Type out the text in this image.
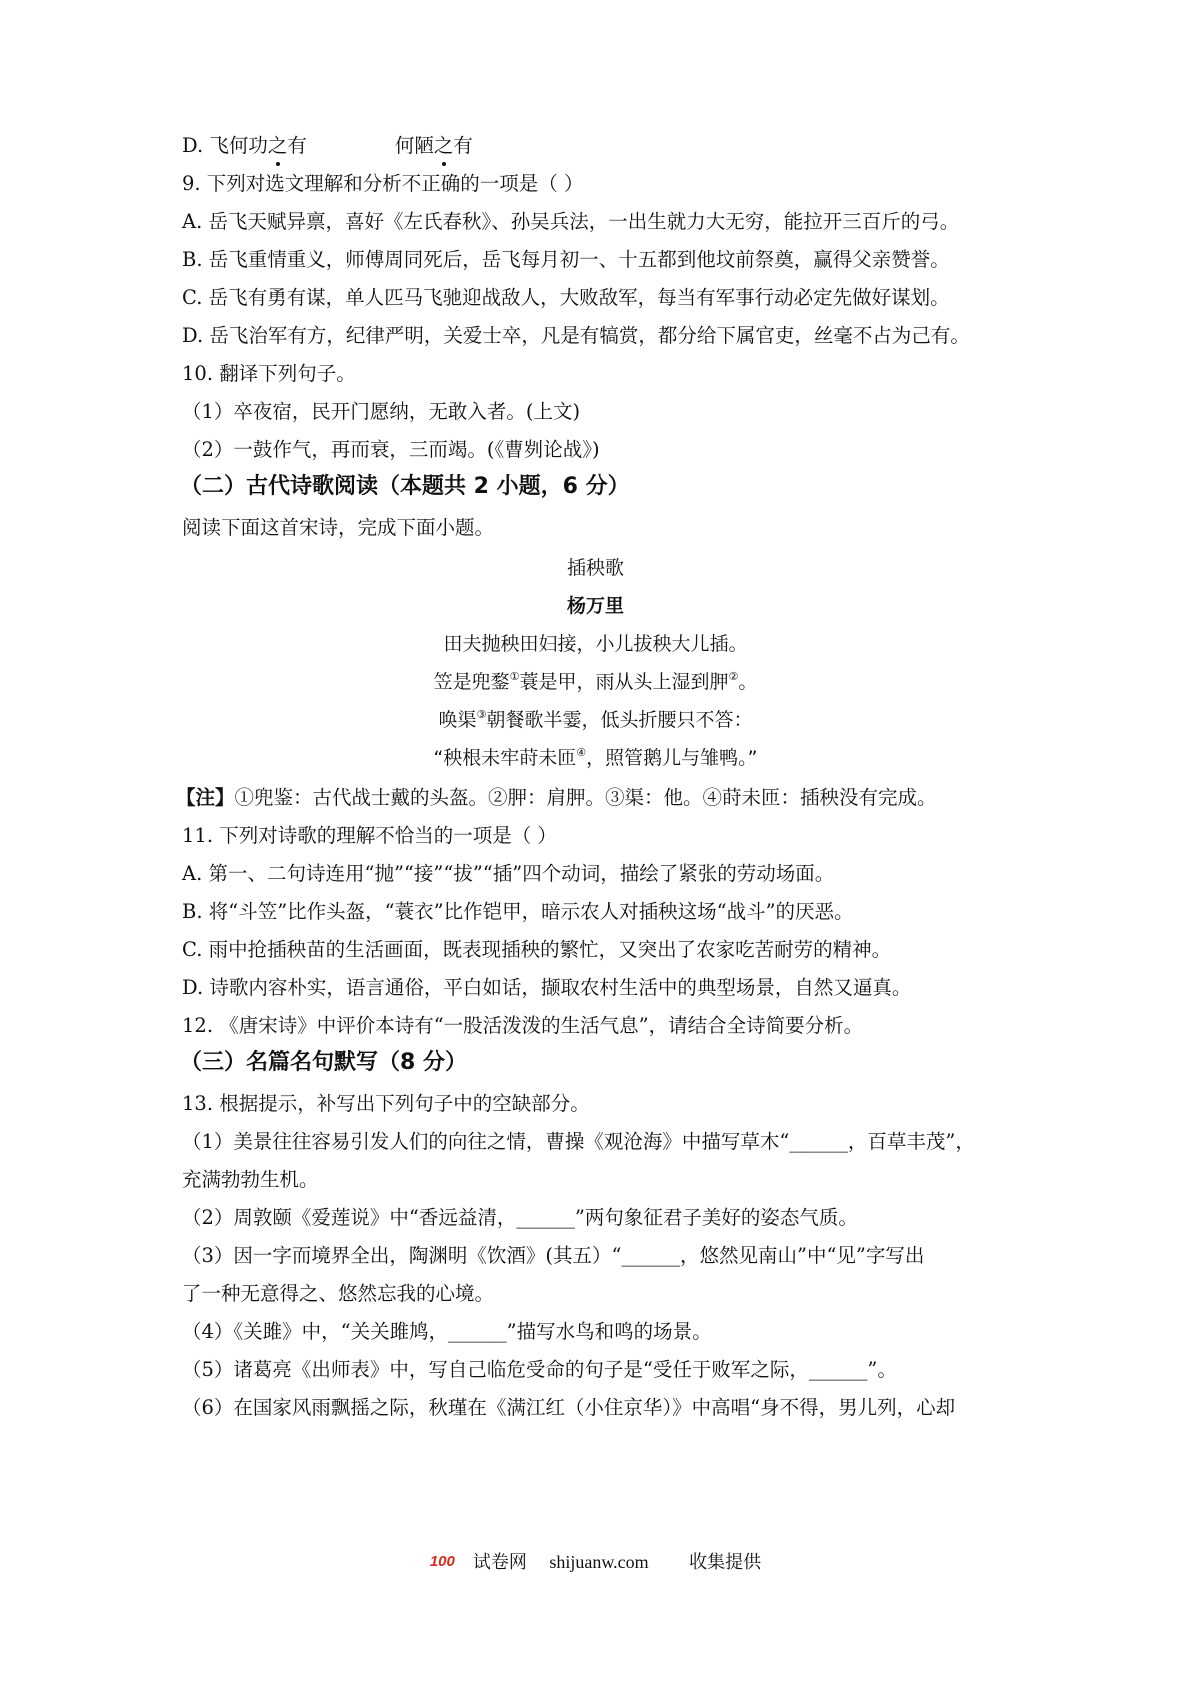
D. 飞何功之有	何陋之有
9. 下列对选文理解和分析不正确的一项是（ ）
A. 岳飞天赋异禀，喜好《左氏春秋》、孙吴兵法，一出生就力大无穷，能拉开三百斤的弓。
B. 岳飞重情重义，师傅周同死后，岳飞每月初一、十五都到他坟前祭奠，赢得父亲赞誉。
C. 岳飞有勇有谋，单人匹马飞驰迎战敌人，大败敌军，每当有军事行动必定先做好谋划。
D. 岳飞治军有方，纪律严明，关爱士卒，凡是有犒赏，都分给下属官吏，丝毫不占为己有。
10. 翻译下列句子。
（1）卒夜宿，民开门愿纳，无敢入者。(上文)
（2）一鼓作气，再而衰，三而竭。(《曹刿论战》)
（二）古代诗歌阅读（本题共 2 小题，6 分）
阅读下面这首宋诗，完成下面小题。
插秧歌
杨万里
田夫抛秧田妇接，小儿拔秧大儿插。
笠是兜鍪①蓑是甲，雨从头上湿到胛②。
唤渠③朝餐歌半霎，低头折腰只不答：
“秧根未牢莳未匝④，照管鹅儿与雏鸭。”
【注】①兜鉴：古代战士戴的头盔。②胛：肩胛。③渠：他。④莳未匝：插秧没有完成。
11. 下列对诗歌的理解不恰当的一项是（ ）
A. 第一、二句诗连用“抛”“接”“拔”“插”四个动词，描绘了紧张的劳动场面。
B. 将“斗笠”比作头盔，“蓑衣”比作铠甲，暗示农人对插秧这场“战斗”的厌恶。
C. 雨中抢插秧苗的生活画面，既表现插秧的繁忙，又突出了农家吃苦耐劳的精神。
D. 诗歌内容朴实，语言通俗，平白如话，撷取农村生活中的典型场景，自然又逼真。
12. 《唐宋诗》中评价本诗有“一股活泼泼的生活气息”，请结合全诗简要分析。
（三）名篇名句默写（8 分）
13. 根据提示，补写出下列句子中的空缺部分。
（1）美景往往容易引发人们的向往之情，曹操《观沧海》中描写草木“______，百草丰茂”，
充满勃勃生机。
（2）周敦颐《爱莲说》中“香远益清，______”两句象征君子美好的姿态气质。
（3）因一字而境界全出，陶渊明《饮酒》(其五）“______，悠然见南山”中“见”字写出
了一种无意得之、悠然忘我的心境。
（4）《关雎》中，“关关雎鸠，______”描写水鸟和鸣的场景。
（5）诸葛亮《出师表》中，写自己临危受命的句子是“受任于败军之际，______”。
（6）在国家风雨飘摇之际，秋瑾在《满江红（小住京华）》中高唱“身不得，男儿列，心却
100 试卷网 shijuanw.com 收集提供
